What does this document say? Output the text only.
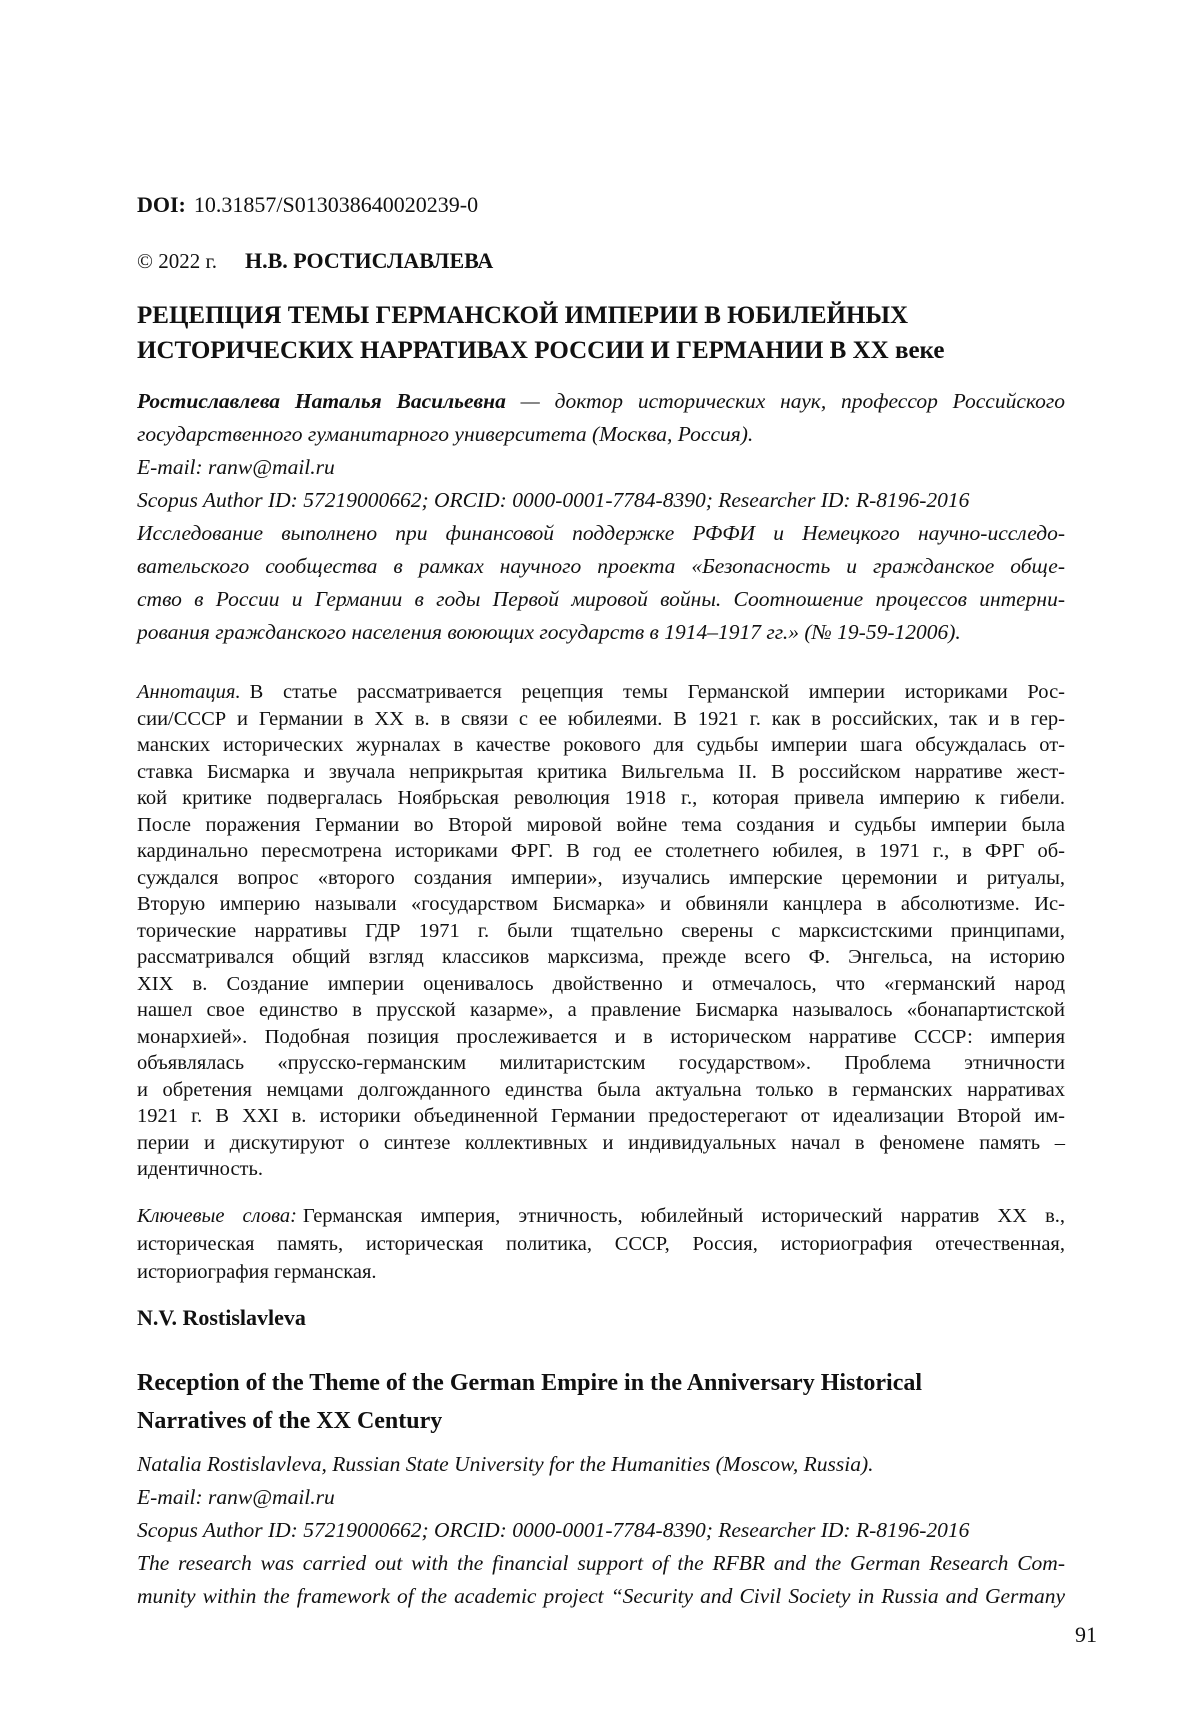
DOI: 10.31857/S013038640020239-0
© 2022 г. Н.В. РОСТИСЛАВЛЕВА
РЕЦЕПЦИЯ ТЕМЫ ГЕРМАНСКОЙ ИМПЕРИИ В ЮБИЛЕЙНЫХ
ИСТОРИЧЕСКИХ НАРРАТИВАХ РОССИИ И ГЕРМАНИИ В XX веке
Ростиславлева Наталья Васильевна — доктор исторических наук, профессор Российского
государственного гуманитарного университета (Москва, Россия).
E-mail: ranw@mail.ru
Scopus Author ID: 57219000662; ORCID: 0000-0001-7784-8390; Researcher ID: R-8196-2016
Исследование выполнено при финансовой поддержке РФФИ и Немецкого научно-исследо-
вательского сообщества в рамках научного проекта «Безопасность и гражданское обще-
ство в России и Германии в годы Первой мировой войны. Соотношение процессов интерни-
рования гражданского населения воюющих государств в 1914–1917 гг.» (№ 19-59-12006).
Аннотация. В статье рассматривается рецепция темы Германской империи историками Рос-
сии/СССР и Германии в XX в. в связи с ее юбилеями. В 1921 г. как в российских, так и в гер-
манских исторических журналах в качестве рокового для судьбы империи шага обсуждалась от-
ставка Бисмарка и звучала неприкрытая критика Вильгельма II. В российском нарративе жест-
кой критике подвергалась Ноябрьская революция 1918 г., которая привела империю к гибели.
После поражения Германии во Второй мировой войне тема создания и судьбы империи была
кардинально пересмотрена историками ФРГ. В год ее столетнего юбилея, в 1971 г., в ФРГ об-
суждался вопрос «второго создания империи», изучались имперские церемонии и ритуалы,
Вторую империю называли «государством Бисмарка» и обвиняли канцлера в абсолютизме. Ис-
торические нарративы ГДР 1971 г. были тщательно сверены с марксистскими принципами,
рассматривался общий взгляд классиков марксизма, прежде всего Ф. Энгельса, на историю
XIX в. Создание империи оценивалось двойственно и отмечалось, что «германский народ
нашел свое единство в прусской казарме», а правление Бисмарка называлось «бонапартистской
монархией». Подобная позиция прослеживается и в историческом нарративе СССР: империя
объявлялась «прусско-германским милитаристским государством». Проблема этничности
и обретения немцами долгожданного единства была актуальна только в германских нарративах
1921 г. В XXI в. историки объединенной Германии предостерегают от идеализации Второй им-
перии и дискутируют о синтезе коллективных и индивидуальных начал в феномене память –
идентичность.
Ключевые слова: Германская империя, этничность, юбилейный исторический нарратив XX в.,
историческая память, историческая политика, СССР, Россия, историография отечественная,
историография германская.
N.V. Rostislavleva
Reception of the Theme of the German Empire in the Anniversary Historical
Narratives of the XX Century
Natalia Rostislavleva, Russian State University for the Humanities (Moscow, Russia).
E-mail: ranw@mail.ru
Scopus Author ID: 57219000662; ORCID: 0000-0001-7784-8390; Researcher ID: R-8196-2016
The research was carried out with the financial support of the RFBR and the German Research Com-
munity within the framework of the academic project “Security and Civil Society in Russia and Germany
91
